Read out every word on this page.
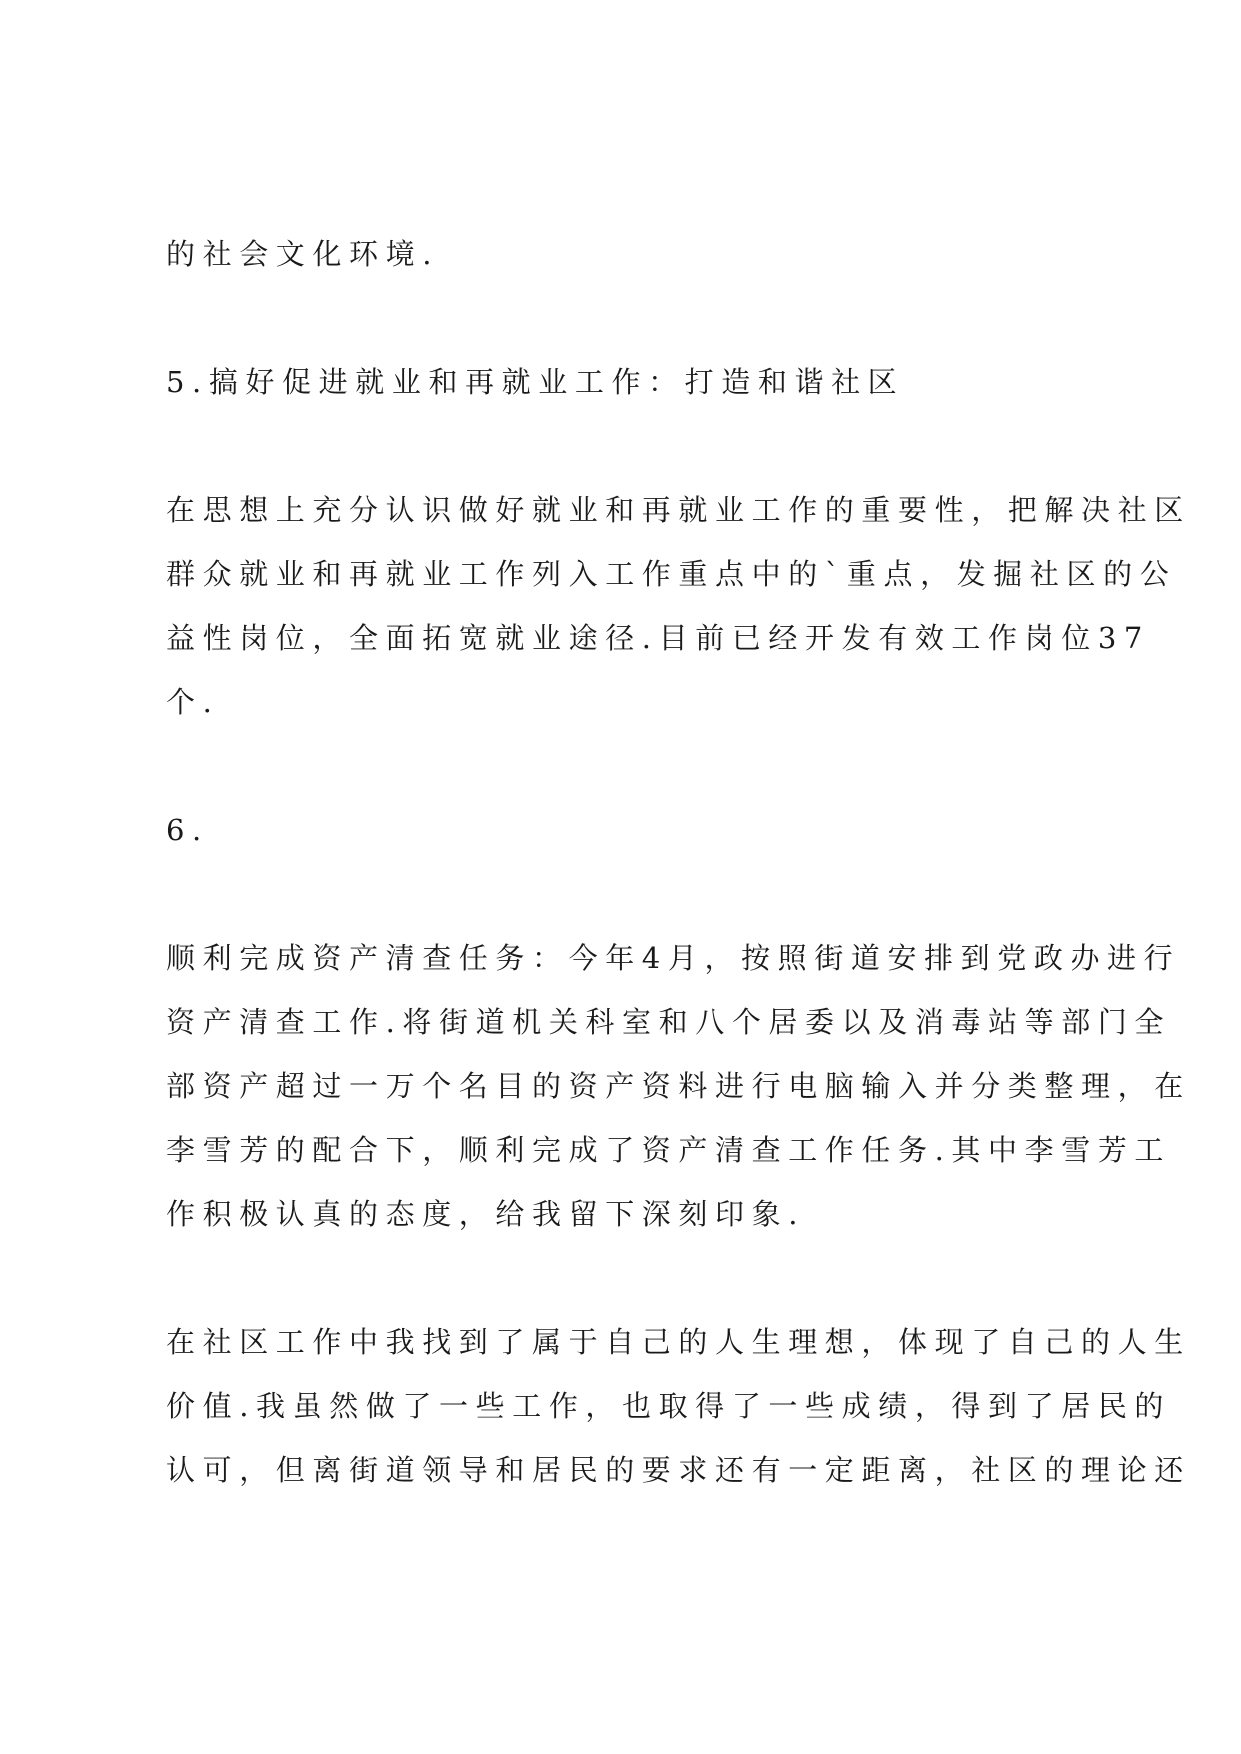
的社会文化环境.
5.搞好促进就业和再就业工作：打造和谐社区
在思想上充分认识做好就业和再就业工作的重要性，把解决社区
群众就业和再就业工作列入工作重点中的`重点，发掘社区的公
益性岗位，全面拓宽就业途径.目前已经开发有效工作岗位37
个.
6.
顺利完成资产清查任务：今年4月，按照街道安排到党政办进行
资产清查工作.将街道机关科室和八个居委以及消毒站等部门全
部资产超过一万个名目的资产资料进行电脑输入并分类整理，在
李雪芳的配合下，顺利完成了资产清查工作任务.其中李雪芳工
作积极认真的态度，给我留下深刻印象.
在社区工作中我找到了属于自己的人生理想，体现了自己的人生
价值.我虽然做了一些工作，也取得了一些成绩，得到了居民的
认可，但离街道领导和居民的要求还有一定距离，社区的理论还
